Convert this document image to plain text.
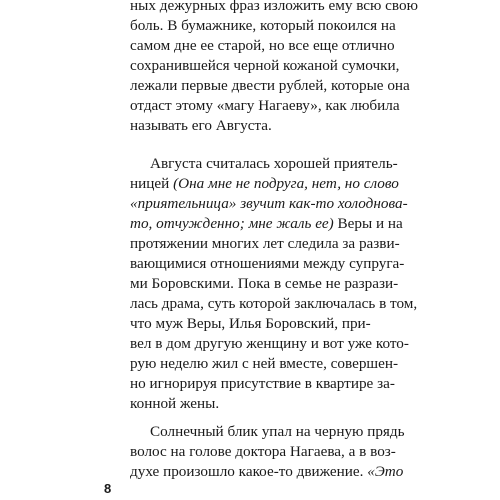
ных дежурных фраз изложить ему всю свою
боль. В бумажнике, который покоился на
самом дне ее старой, но все еще отлично
сохранившейся черной кожаной сумочки,
лежали первые двести рублей, которые она
отдаст этому «магу Нагаеву», как любила
называть его Августа.
Августа считалась хорошей приятель-
ницей (Она мне не подруга, нет, но слово
«приятельница» звучит как-то холоднова-
то, отчужденно; мне жаль ее) Веры и на
протяжении многих лет следила за разви-
вающимися отношениями между супруга-
ми Боровскими. Пока в семье не разрази-
лась драма, суть которой заключалась в том,
что муж Веры, Илья Боровский, при-
вел в дом другую женщину и вот уже кото-
рую неделю жил с ней вместе, совершен-
но игнорируя присутствие в квартире за-
конной жены.
Солнечный блик упал на черную прядь
волос на голове доктора Нагаева, а в воз-
духе произошло какое-то движение. «Это
8
